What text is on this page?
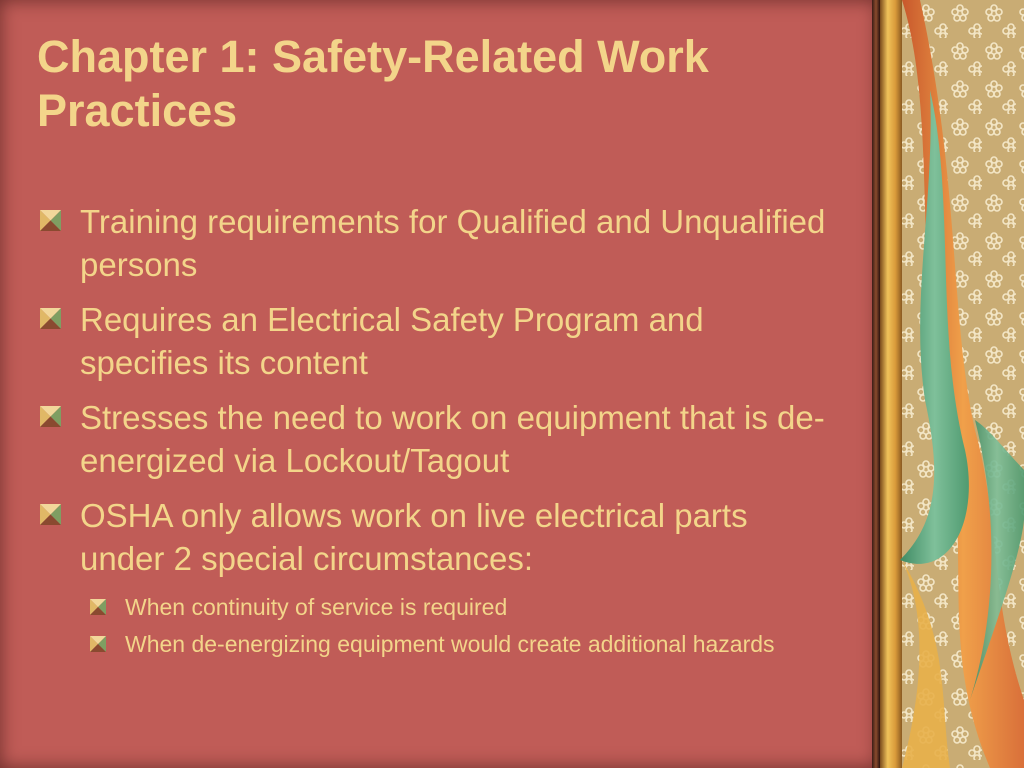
Chapter 1: Safety-Related Work Practices
Training requirements for Qualified and Unqualified persons
Requires an Electrical Safety Program and specifies its content
Stresses the need to work on equipment that is de-energized via Lockout/Tagout
OSHA only allows work on live electrical parts under 2 special circumstances:
When continuity of service is required
When de-energizing equipment would create additional hazards
